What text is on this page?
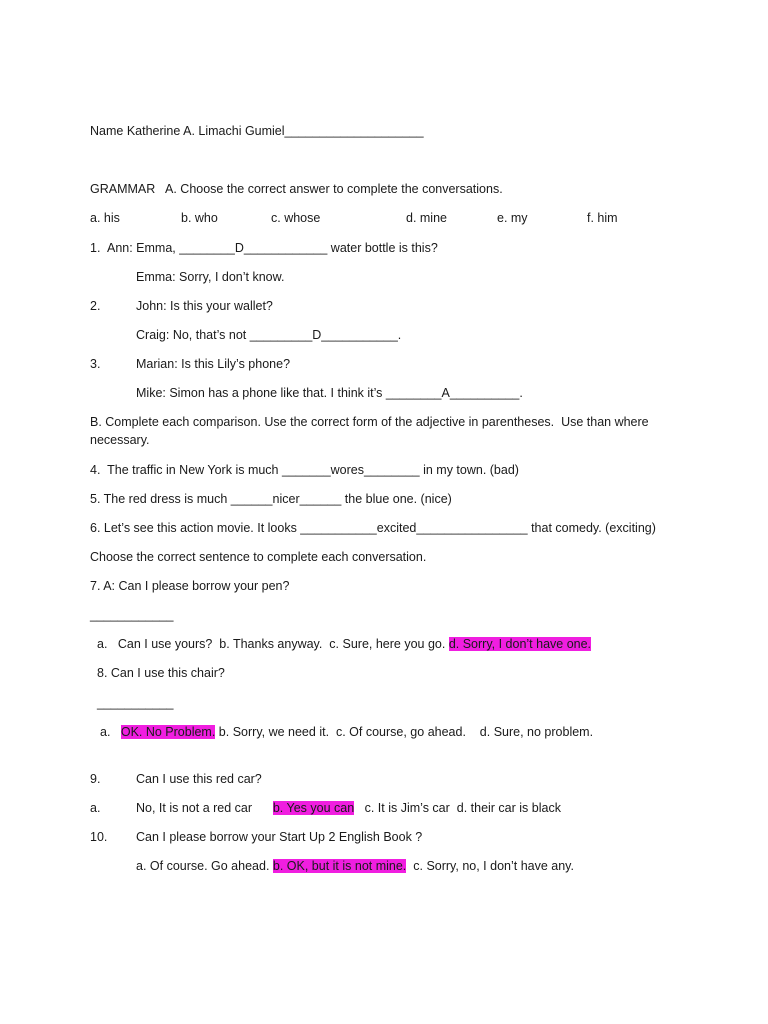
Name Katherine A. Limachi Gumiel____________________
GRAMMAR   A. Choose the correct answer to complete the conversations.
a. his	b. who	c. whose	d. mine	e. my	f. him
1. Ann: Emma, ________D____________ water bottle is this?
Emma: Sorry, I don’t know.
2.	John: Is this your wallet?
Craig: No, that’s not _________D___________.
3.	Marian: Is this Lily’s phone?
Mike: Simon has a phone like that. I think it’s ________A__________.
B. Complete each comparison. Use the correct form of the adjective in parentheses.  Use than where
necessary.
4.  The traffic in New York is much _______wores________ in my town. (bad)
5. The red dress is much ______nicer______ the blue one. (nice)
6. Let’s see this action movie. It looks ___________excited________________ that comedy. (exciting)
Choose the correct sentence to complete each conversation.
7. A: Can I please borrow your pen?
____________
a.   Can I use yours?  b. Thanks anyway.  c. Sure, here you go. d. Sorry, I don’t have one.
8. Can I use this chair?
___________
a.   OK. No Problem. b. Sorry, we need it.  c. Of course, go ahead.    d. Sure, no problem.
9.	Can I use this red car?
a.	No, It is not a red car      b. Yes you can   c. It is Jim’s car  d. their car is black
10. Can I please borrow your Start Up 2 English Book ?
a. Of course. Go ahead. b. OK, but it is not mine.  c. Sorry, no, I don’t have any.
